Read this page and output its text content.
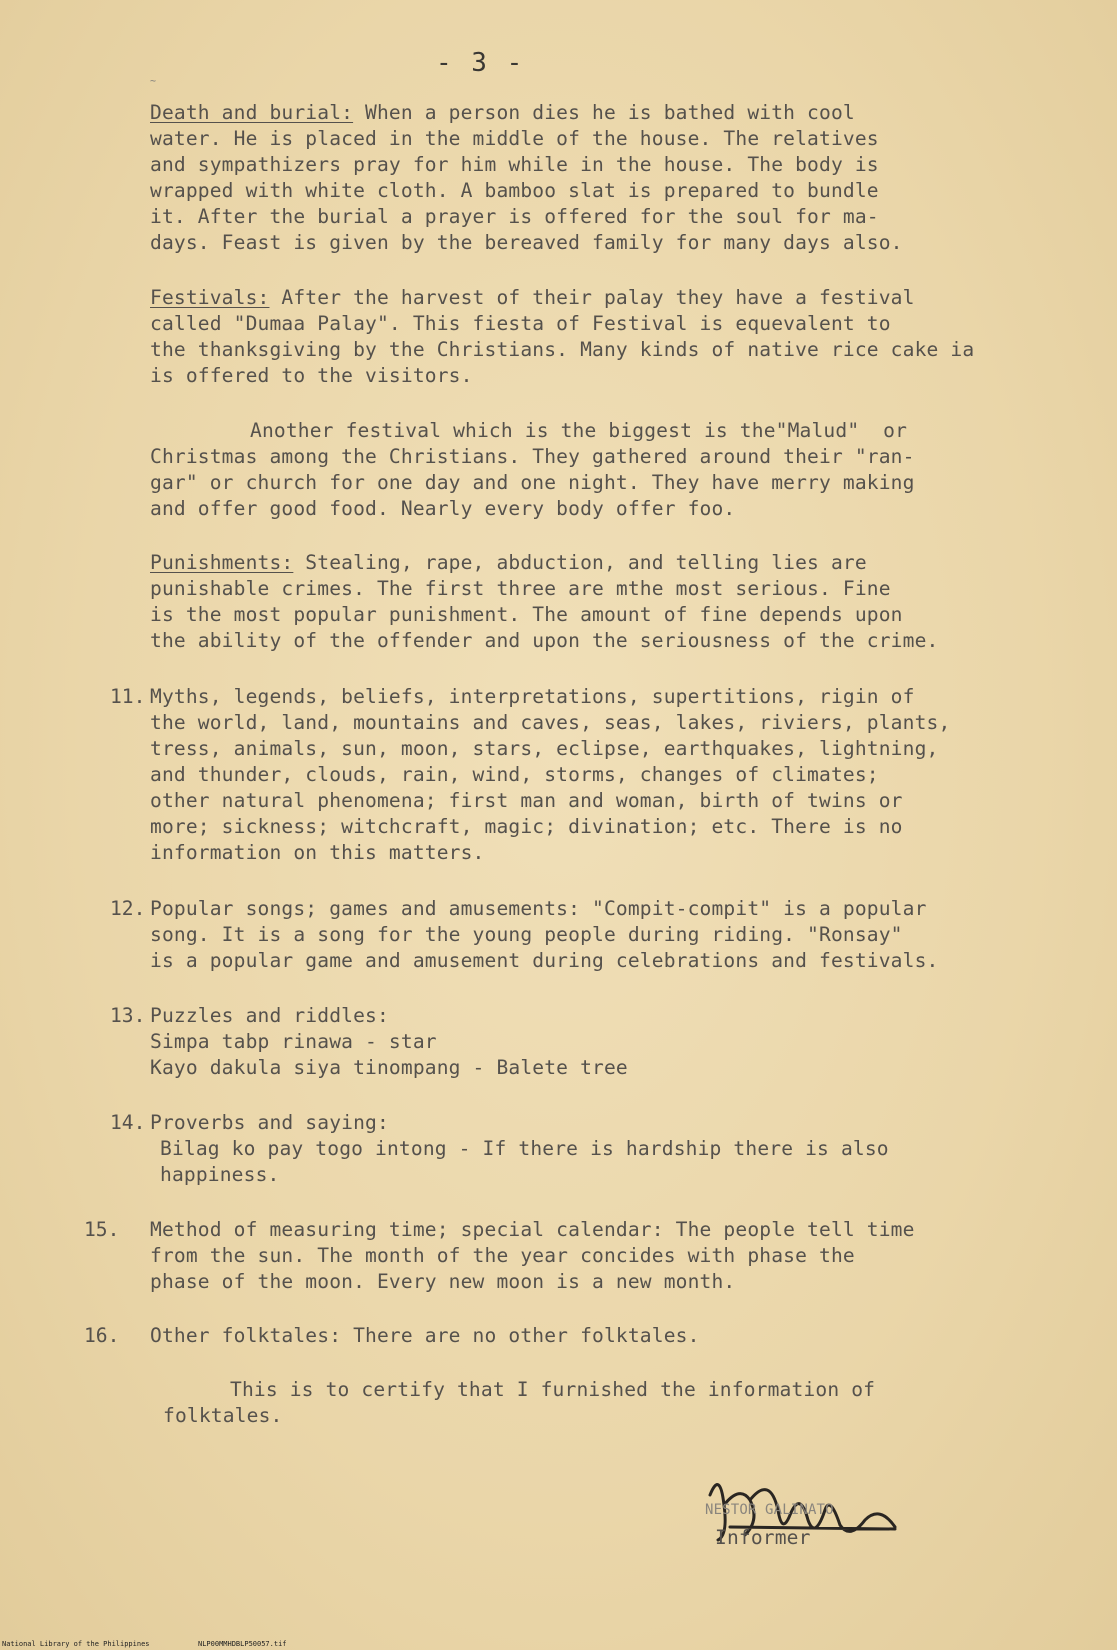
- 3 -
~
Death and burial: When a person dies he is bathed with cool
water. He is placed in the middle of the house. The relatives
and sympathizers pray for him while in the house. The body is
wrapped with white cloth. A bamboo slat is prepared to bundle
it. After the burial a prayer is offered for the soul for ma-
days. Feast is given by the bereaved family for many days also.
Festivals: After the harvest of their palay they have a festival
called "Dumaa Palay". This fiesta of Festival is equevalent to
the thanksgiving by the Christians. Many kinds of native rice cake ia
is offered to the visitors.
Another festival which is the biggest is the"Malud"  or
Christmas among the Christians. They gathered around their "ran-
gar" or church for one day and one night. They have merry making
and offer good food. Nearly every body offer foo.
Punishments: Stealing, rape, abduction, and telling lies are
punishable crimes. The first three are mthe most serious. Fine
is the most popular punishment. The amount of fine depends upon
the ability of the offender and upon the seriousness of the crime.
11. Myths, legends, beliefs, interpretations, supertitions, rigin of
the world, land, mountains and caves, seas, lakes, riviers, plants,
tress, animals, sun, moon, stars, eclipse, earthquakes, lightning,
and thunder, clouds, rain, wind, storms, changes of climates;
other natural phenomena; first man and woman, birth of twins or
more; sickness; witchcraft, magic; divination; etc. There is no
information on this matters.
12. Popular songs; games and amusements: "Compit-compit" is a popular
song. It is a song for the young people during riding. "Ronsay"
is a popular game and amusement during celebrations and festivals.
13. Puzzles and riddles:
Simpa tabp rinawa - star
Kayo dakula siya tinompang - Balete tree
14. Proverbs and saying:
Bilag ko pay togo intong - If there is hardship there is also
happiness.
15. Method of measuring time; special calendar: The people tell time
from the sun. The month of the year concides with phase the
phase of the moon. Every new moon is a new month.
16. Other folktales: There are no other folktales.
This is to certify that I furnished the information of
folktales.
NESTOR GALINATO
Informer
National Library of the Philippines	NLP00MMHDBLP50057.tif
